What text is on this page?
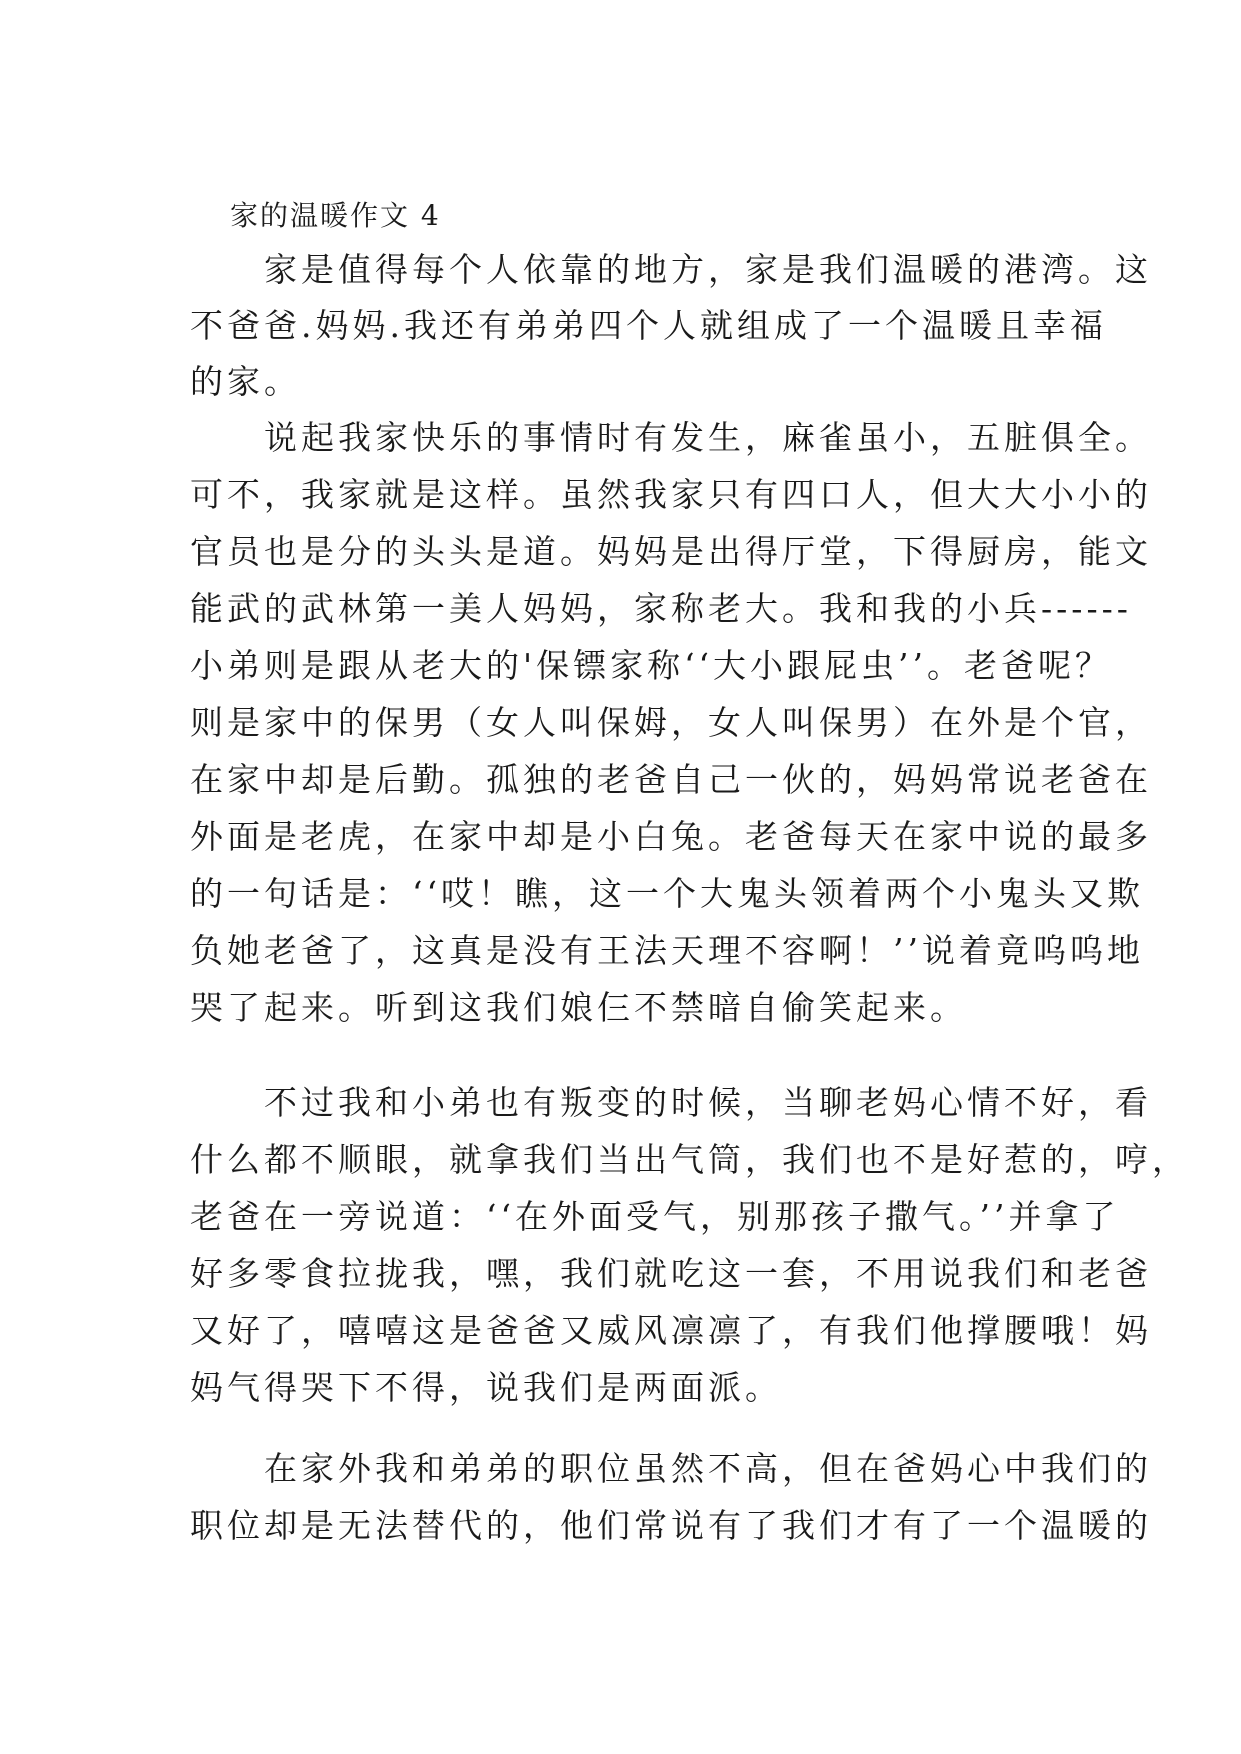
家的温暖作文 4
　　家是值得每个人依靠的地方，家是我们温暖的港湾。这
不爸爸.妈妈.我还有弟弟四个人就组成了一个温暖且幸福
的家。
　　说起我家快乐的事情时有发生，麻雀虽小，五脏俱全。
可不，我家就是这样。虽然我家只有四口人，但大大小小的
官员也是分的头头是道。妈妈是出得厅堂，下得厨房，能文
能武的武林第一美人妈妈，家称老大。我和我的小兵------
小弟则是跟从老大的'保镖家称‘‘大小跟屁虫’’。老爸呢？
则是家中的保男（女人叫保姆，女人叫保男）在外是个官，
在家中却是后勤。孤独的老爸自己一伙的，妈妈常说老爸在
外面是老虎，在家中却是小白兔。老爸每天在家中说的最多
的一句话是：‘‘哎！瞧，这一个大鬼头领着两个小鬼头又欺
负她老爸了，这真是没有王法天理不容啊！’’说着竟呜呜地
哭了起来。听到这我们娘仨不禁暗自偷笑起来。
　　不过我和小弟也有叛变的时候，当聊老妈心情不好，看
什么都不顺眼，就拿我们当出气筒，我们也不是好惹的，哼，
老爸在一旁说道：‘‘在外面受气，别那孩子撒气。’’并拿了
好多零食拉拢我，嘿，我们就吃这一套，不用说我们和老爸
又好了，嘻嘻这是爸爸又威风凛凛了，有我们他撑腰哦！妈
妈气得哭下不得，说我们是两面派。
　　在家外我和弟弟的职位虽然不高，但在爸妈心中我们的
职位却是无法替代的，他们常说有了我们才有了一个温暖的
